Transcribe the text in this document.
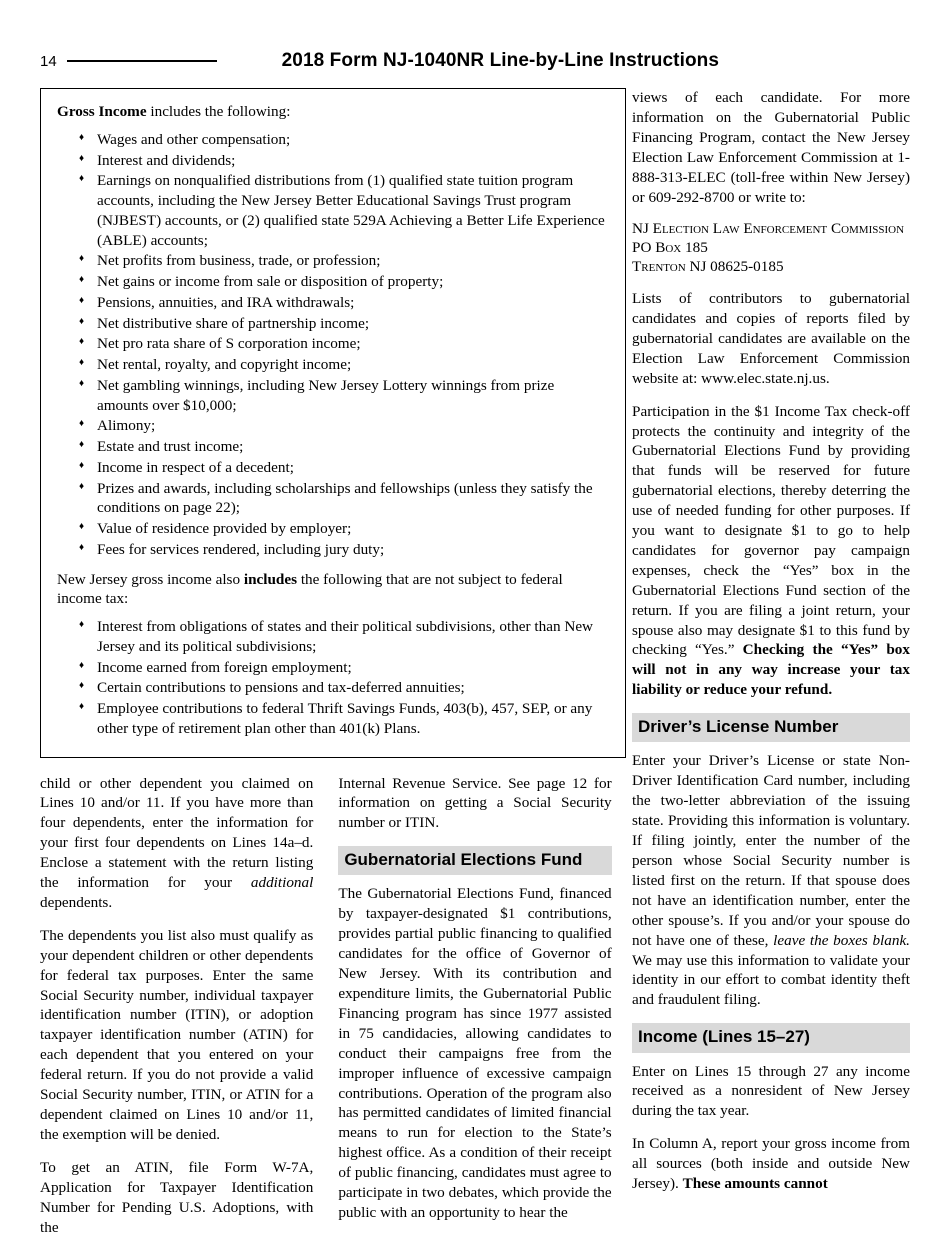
14	2018 Form NJ-1040NR Line-by-Line Instructions

views of each candidate. For more information on the Gubernatorial Public Financing Program, contact the New Jersey Election Law Enforcement Commission at 1-888-313-ELEC (toll-free within New Jersey) or 609-292-8700 or write to:

NJ Election Law Enforcement Commission
PO Box 185
Trenton NJ 08625-0185

Lists of contributors to gubernatorial candidates and copies of reports filed by gubernatorial candidates are available on the Election Law Enforcement Commission website at: www.elec.state.nj.us.

Participation in the $1 Income Tax check-off protects the continuity and integrity of the Gubernatorial Elections Fund by providing that funds will be reserved for future gubernatorial elections, thereby deterring the use of needed funding for other purposes. If you want to designate $1 to go to help candidates for governor pay campaign expenses, check the “Yes” box in the Gubernatorial Elections Fund section of the return. If you are filing a joint return, your spouse also may designate $1 to this fund by checking “Yes.” Checking the “Yes” box will not in any way increase your tax liability or reduce your refund.

Driver’s License Number

Enter your Driver’s License or state Non-Driver Identification Card number, including the two-letter abbreviation of the issuing state. Providing this information is voluntary. If filing jointly, enter the number of the person whose Social Security number is listed first on the return. If that spouse does not have an identification number, enter the other spouse’s. If you and/or your spouse do not have one of these, leave the boxes blank. We may use this information to validate your identity in our effort to combat identity theft and fraudulent filing.

Income (Lines 15–27)

Enter on Lines 15 through 27 any income received as a nonresident of New Jersey during the tax year.

In Column A, report your gross income from all sources (both inside and outside New Jersey). These amounts cannot

Gross Income includes the following:

♦ Wages and other compensation;
♦ Interest and dividends;
♦ Earnings on nonqualified distributions from (1) qualified state tuition program accounts, including the New Jersey Better Educational Savings Trust program (NJBEST) accounts, or (2) qualified state 529A Achieving a Better Life Experience (ABLE) accounts;
♦ Net profits from business, trade, or profession;
♦ Net gains or income from sale or disposition of property;
♦ Pensions, annuities, and IRA withdrawals;
♦ Net distributive share of partnership income;
♦ Net pro rata share of S corporation income;
♦ Net rental, royalty, and copyright income;
♦ Net gambling winnings, including New Jersey Lottery winnings from prize amounts over $10,000;
♦ Alimony;
♦ Estate and trust income;
♦ Income in respect of a decedent;
♦ Prizes and awards, including scholarships and fellowships (unless they satisfy the conditions on page 22);
♦ Value of residence provided by employer;
♦ Fees for services rendered, including jury duty;

New Jersey gross income also includes the following that are not subject to federal income tax:

♦ Interest from obligations of states and their political subdivisions, other than New Jersey and its political subdivisions;
♦ Income earned from foreign employment;
♦ Certain contributions to pensions and tax-deferred annuities;
♦ Employee contributions to federal Thrift Savings Funds, 403(b), 457, SEP, or any other type of retirement plan other than 401(k) Plans.

child or other dependent you claimed on Lines 10 and/or 11. If you have more than four dependents, enter the information for your first four dependents on Lines 14a–d. Enclose a statement with the return listing the information for your additional dependents.

The dependents you list also must qualify as your dependent children or other dependents for federal tax purposes. Enter the same Social Security number, individual taxpayer identification number (ITIN), or adoption taxpayer identification number (ATIN) for each dependent that you entered on your federal return. If you do not provide a valid Social Security number, ITIN, or ATIN for a dependent claimed on Lines 10 and/or 11, the exemption will be denied.

To get an ATIN, file Form W-7A, Application for Taxpayer Identification Number for Pending U.S. Adoptions, with the

Internal Revenue Service. See page 12 for information on getting a Social Security number or ITIN.

Gubernatorial Elections Fund

The Gubernatorial Elections Fund, financed by taxpayer-designated $1 contributions, provides partial public financing to qualified candidates for the office of Governor of New Jersey. With its contribution and expenditure limits, the Gubernatorial Public Financing program has since 1977 assisted in 75 candidacies, allowing candidates to conduct their campaigns free from the improper influence of excessive campaign contributions. Operation of the program also has permitted candidates of limited financial means to run for election to the State’s highest office. As a condition of their receipt of public financing, candidates must agree to participate in two debates, which provide the public with an opportunity to hear the
